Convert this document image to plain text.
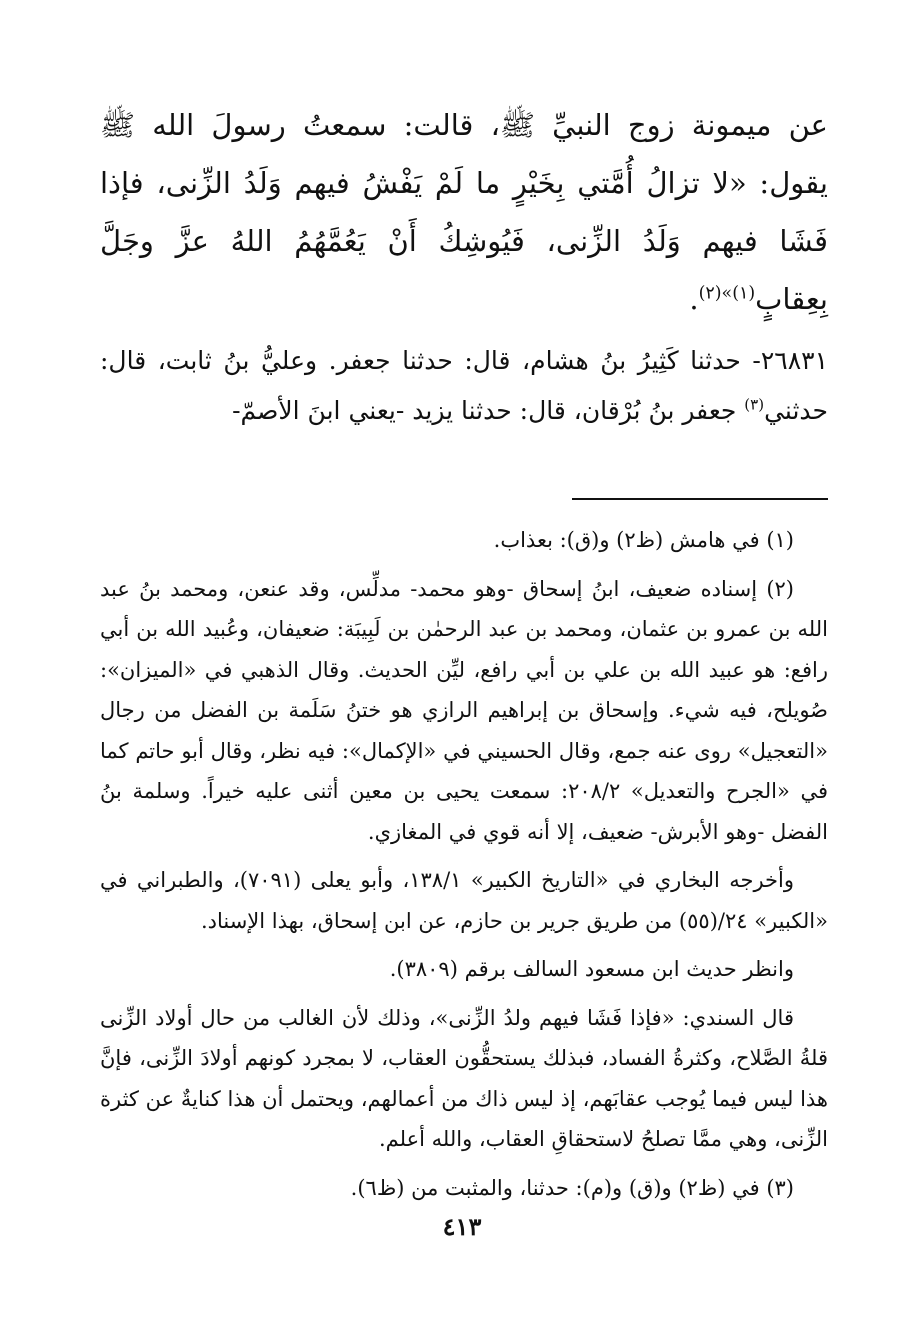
عن ميمونة زوج النبيِّ ﷺ، قالت: سمعتُ رسولَ الله ﷺ يقول: «لا تزالُ أُمَّتي بِخَيْرٍ ما لَمْ يَفْشُ فيهم وَلَدُ الزِّنى، فإذا فَشَا فيهم وَلَدُ الزِّنى، فَيُوشِكُ أَنْ يَعُمَّهُمُ اللهُ عزَّ وجَلَّ بِعِقابٍ$^{(١)»(٢)}$.

٢٦٨٣١- حدثنا كَثِيرُ بنُ هشام، قال: حدثنا جعفر. وعليُّ بنُ ثابت، قال: حدثني$^{(٣)}$ جعفر بنُ بُرْقان، قال: حدثنا يزيد -يعني ابنَ الأصمّ-

(١) في هامش (ظ٢) و(ق): بعذاب.

(٢) إسناده ضعيف، ابنُ إسحاق -وهو محمد- مدلِّس، وقد عنعن، ومحمد بنُ عبد الله بن عمرو بن عثمان، ومحمد بن عبد الرحمٰن بن لَبِيبَة: ضعيفان، وعُبيد الله بن أبي رافع: هو عبيد الله بن علي بن أبي رافع، ليِّن الحديث. وقال الذهبي في «الميزان»: صُويلح، فيه شيء. وإسحاق بن إبراهيم الرازي هو ختنُ سَلَمة بن الفضل من رجال «التعجيل» روى عنه جمع، وقال الحسيني في «الإكمال»: فيه نظر، وقال أبو حاتم كما في «الجرح والتعديل» ٢٠٨/٢: سمعت يحيى بن معين أثنى عليه خيراً. وسلمة بنُ الفضل -وهو الأبرش- ضعيف، إلا أنه قوي في المغازي.

وأخرجه البخاري في «التاريخ الكبير» ١٣٨/١، وأبو يعلى (٧٠٩١)، والطبراني في «الكبير» ٢٤/(٥٥) من طريق جرير بن حازم، عن ابن إسحاق، بهذا الإسناد.

وانظر حديث ابن مسعود السالف برقم (٣٨٠٩).

قال السندي: «فإذا فَشَا فيهم ولدُ الزِّنى»، وذلك لأن الغالب من حال أولاد الزِّنى قلةُ الصَّلاح، وكثرةُ الفساد، فبذلك يستحقُّون العقاب، لا بمجرد كونهم أولادَ الزِّنى، فإنَّ هذا ليس فيما يُوجب عقابَهم، إذ ليس ذاك من أعمالهم، ويحتمل أن هذا كنايةٌ عن كثرة الزِّنى، وهي ممَّا تصلحُ لاستحقاقِ العقاب، والله أعلم.

(٣) في (ظ٢) و(ق) و(م): حدثنا، والمثبت من (ظ٦).

٤١٣
